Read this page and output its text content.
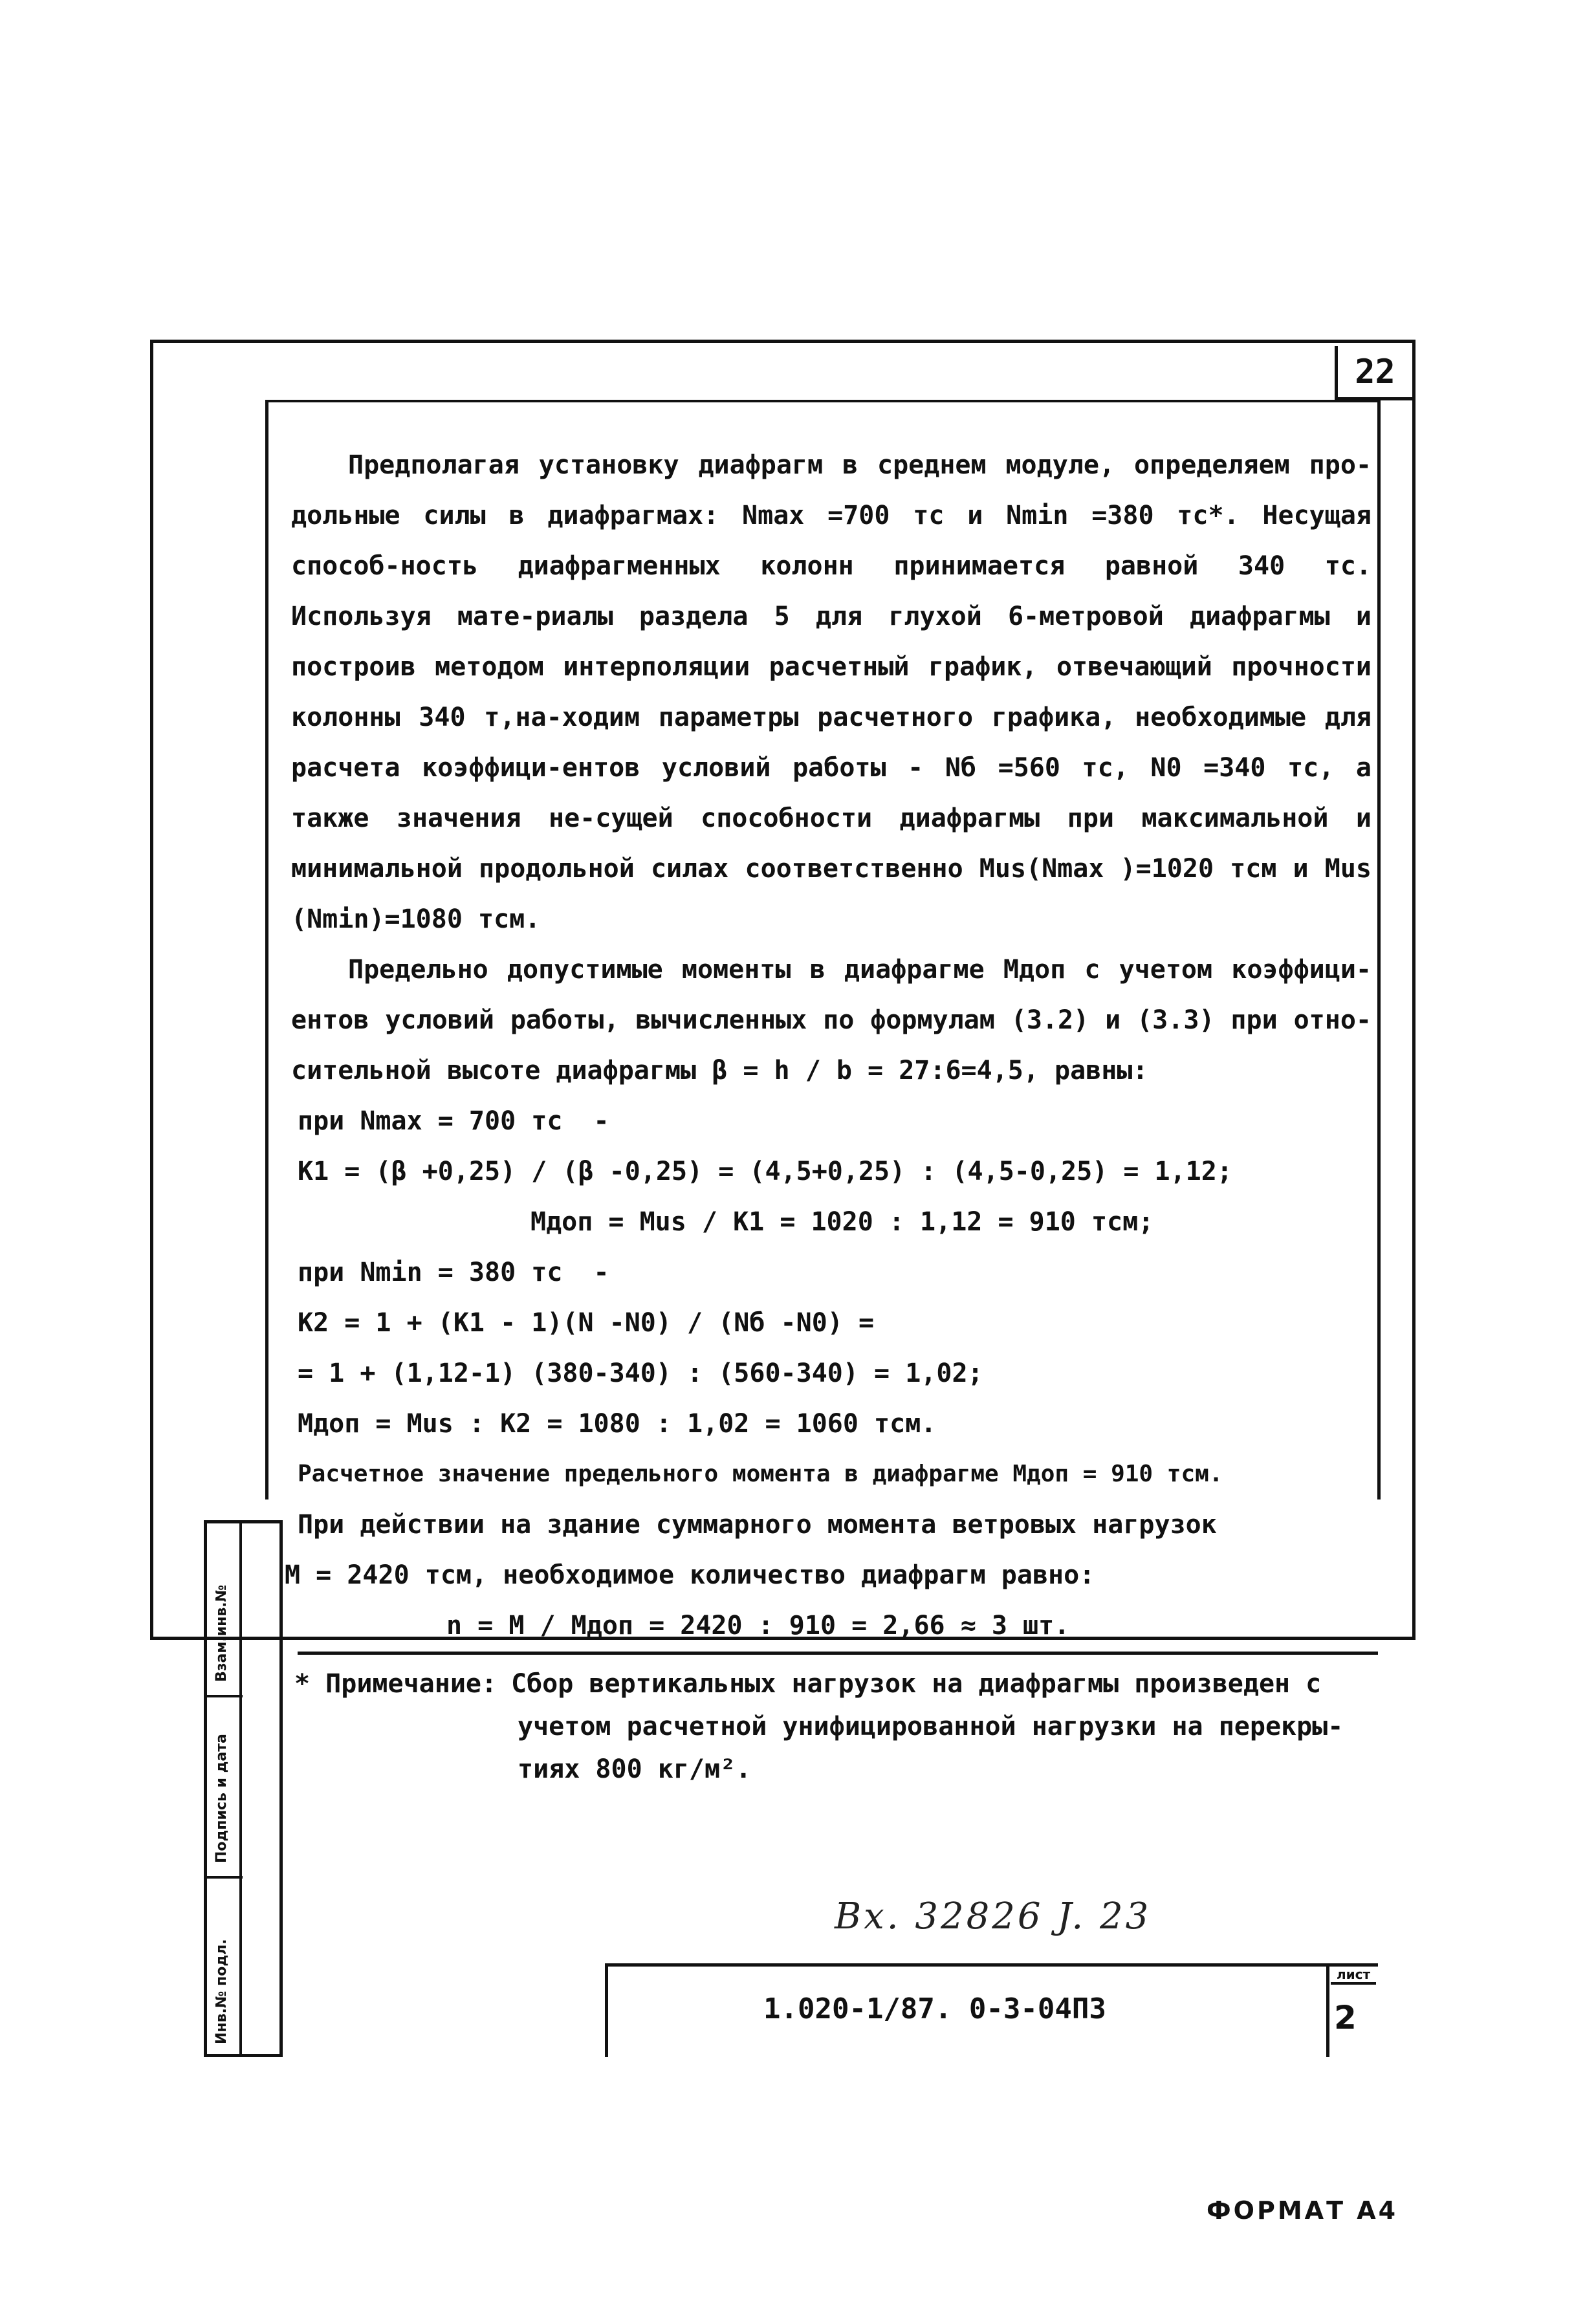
22

Предполагая установку диафрагм в среднем модуле, определяем про-дольные силы в диафрагмах: Nmax =700 тс и Nmin =380 тс*. Несущая способ-ность диафрагменных колонн принимается равной 340 тс. Используя мате-риалы раздела 5 для глухой 6-метровой диафрагмы и построив методом интерполяции расчетный график, отвечающий прочности колонны 340 т,на-ходим параметры расчетного графика, необходимые для расчета коэффици-ентов условий работы - Nб =560 тс, N0 =340 тс, а также значения не-сущей способности диафрагмы при максимальной и минимальной продольной силах соответственно Mus(Nmax )=1020 тсм и Mus (Nmin)=1080 тсм.

Предельно допустимые моменты в диафрагме Mдоп с учетом коэффици-ентов условий работы, вычисленных по формулам (3.2) и (3.3) при отно-сительной высоте диафрагмы β = h / b = 27:6=4,5, равны:

при Nmax = 700 тс  -

K1 = (β +0,25) / (β -0,25) = (4,5+0,25) : (4,5-0,25) = 1,12;

Mдоп = Mus / K1 = 1020 : 1,12 = 910 тсм;

при Nmin = 380 тс  -

K2 = 1 + (K1 - 1)(N -N0) / (Nб -N0) =

= 1 + (1,12-1) (380-340) : (560-340) = 1,02;

Mдоп = Mus : K2 = 1080 : 1,02 = 1060 тсм.

Расчетное значение предельного момента в диафрагме Mдоп = 910 тсм.

При действии на здание суммарного момента ветровых нагрузок

M = 2420 тсм, необходимое количество диафрагм равно:

n = M / Mдоп = 2420 : 910 = 2,66 ≈ 3 шт.

* Примечание: Сбор вертикальных нагрузок на диафрагмы произведен с
учетом расчетной унифицированной нагрузки на перекры-
тиях 800 кг/м².
Вх. 32826 J. 23
1.020-1/87. 0-3-04ПЗ
лист
2
Взам.инв.№
Подпись и дата
Инв.№ подл.
ФОРМАТ А4
